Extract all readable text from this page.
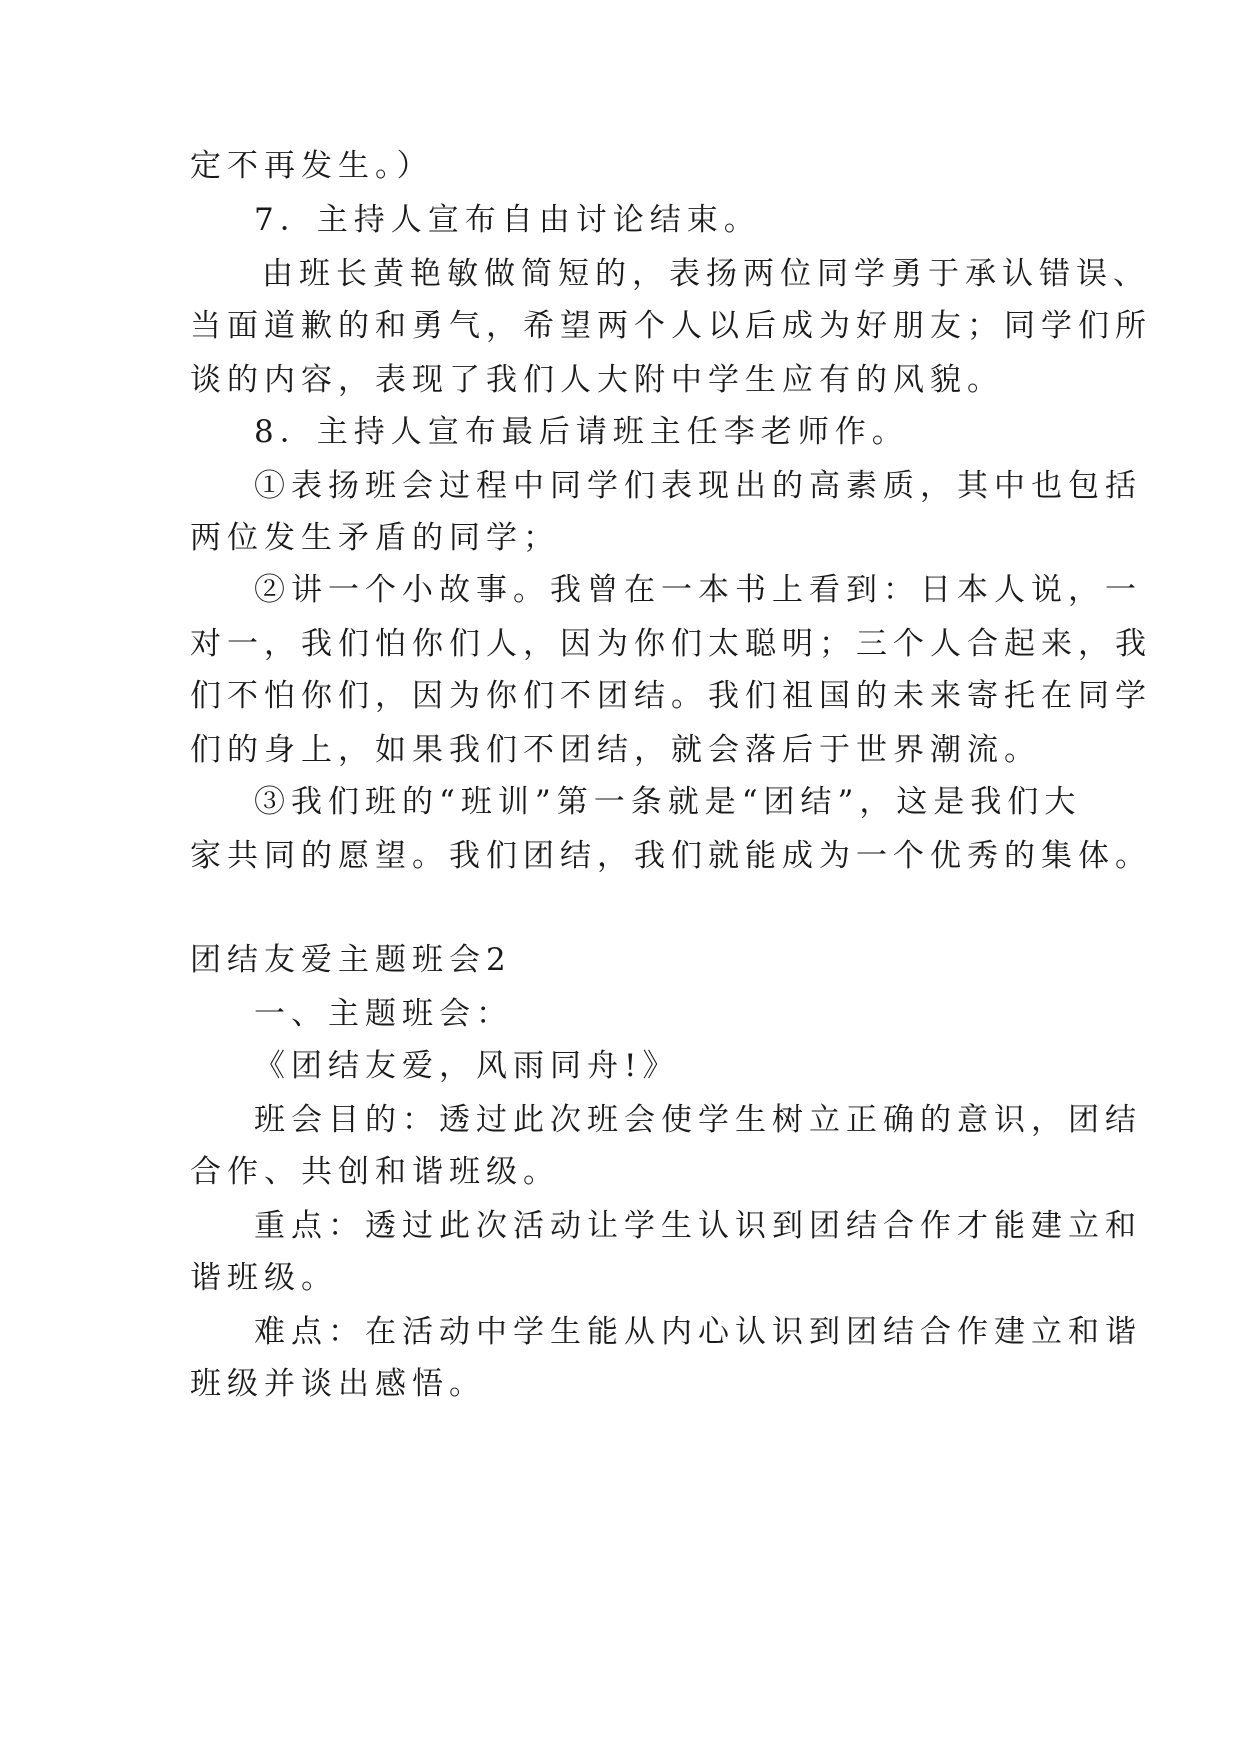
定不再发生。）
7．主持人宣布自由讨论结束。
由班长黄艳敏做简短的，表扬两位同学勇于承认错误、
当面道歉的和勇气，希望两个人以后成为好朋友；同学们所
谈的内容，表现了我们人大附中学生应有的风貌。
8．主持人宣布最后请班主任李老师作。
①表扬班会过程中同学们表现出的高素质，其中也包括
两位发生矛盾的同学；
②讲一个小故事。我曾在一本书上看到：日本人说，一
对一，我们怕你们人，因为你们太聪明；三个人合起来，我
们不怕你们，因为你们不团结。我们祖国的未来寄托在同学
们的身上，如果我们不团结，就会落后于世界潮流。
③我们班的“班训”第一条就是“团结”，这是我们大
家共同的愿望。我们团结，我们就能成为一个优秀的集体。
团结友爱主题班会2
一、主题班会：
《团结友爱，风雨同舟!》
班会目的：透过此次班会使学生树立正确的意识，团结
合作、共创和谐班级。
重点：透过此次活动让学生认识到团结合作才能建立和
谐班级。
难点：在活动中学生能从内心认识到团结合作建立和谐
班级并谈出感悟。
